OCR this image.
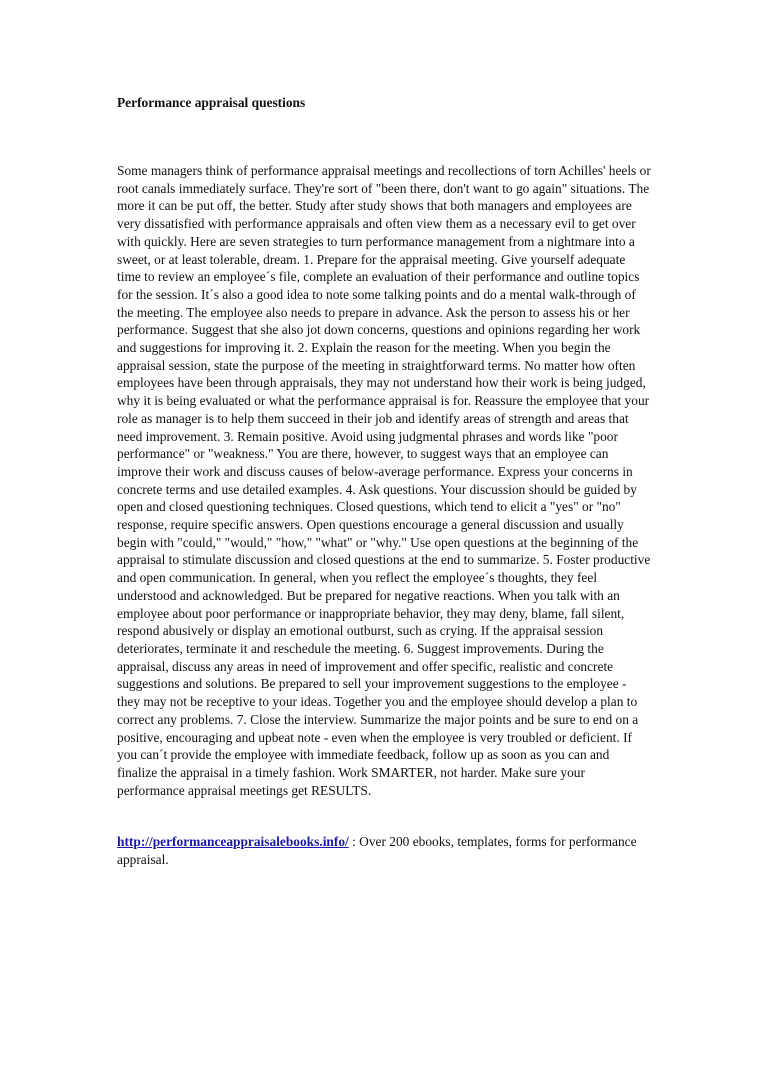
Performance appraisal questions

Some managers think of performance appraisal meetings and recollections of torn Achilles' heels or root canals immediately surface. They're sort of "been there, don't want to go again" situations. The more it can be put off, the better. Study after study shows that both managers and employees are very dissatisfied with performance appraisals and often view them as a necessary evil to get over with quickly. Here are seven strategies to turn performance management from a nightmare into a sweet, or at least tolerable, dream. 1. Prepare for the appraisal meeting. Give yourself adequate time to review an employee´s file, complete an evaluation of their performance and outline topics for the session. It´s also a good idea to note some talking points and do a mental walk-through of the meeting. The employee also needs to prepare in advance. Ask the person to assess his or her performance. Suggest that she also jot down concerns, questions and opinions regarding her work and suggestions for improving it. 2. Explain the reason for the meeting. When you begin the appraisal session, state the purpose of the meeting in straightforward terms. No matter how often employees have been through appraisals, they may not understand how their work is being judged, why it is being evaluated or what the performance appraisal is for. Reassure the employee that your role as manager is to help them succeed in their job and identify areas of strength and areas that need improvement. 3. Remain positive. Avoid using judgmental phrases and words like "poor performance" or "weakness." You are there, however, to suggest ways that an employee can improve their work and discuss causes of below-average performance. Express your concerns in concrete terms and use detailed examples. 4. Ask questions. Your discussion should be guided by open and closed questioning techniques. Closed questions, which tend to elicit a "yes" or "no" response, require specific answers. Open questions encourage a general discussion and usually begin with "could," "would," "how," "what" or "why." Use open questions at the beginning of the appraisal to stimulate discussion and closed questions at the end to summarize. 5. Foster productive and open communication. In general, when you reflect the employee´s thoughts, they feel understood and acknowledged. But be prepared for negative reactions. When you talk with an employee about poor performance or inappropriate behavior, they may deny, blame, fall silent, respond abusively or display an emotional outburst, such as crying. If the appraisal session deteriorates, terminate it and reschedule the meeting. 6. Suggest improvements. During the appraisal, discuss any areas in need of improvement and offer specific, realistic and concrete suggestions and solutions. Be prepared to sell your improvement suggestions to the employee - they may not be receptive to your ideas. Together you and the employee should develop a plan to correct any problems. 7. Close the interview. Summarize the major points and be sure to end on a positive, encouraging and upbeat note - even when the employee is very troubled or deficient. If you can´t provide the employee with immediate feedback, follow up as soon as you can and finalize the appraisal in a timely fashion. Work SMARTER, not harder. Make sure your performance appraisal meetings get RESULTS.

http://performanceappraisalebooks.info/ : Over 200 ebooks, templates, forms for performance appraisal.
